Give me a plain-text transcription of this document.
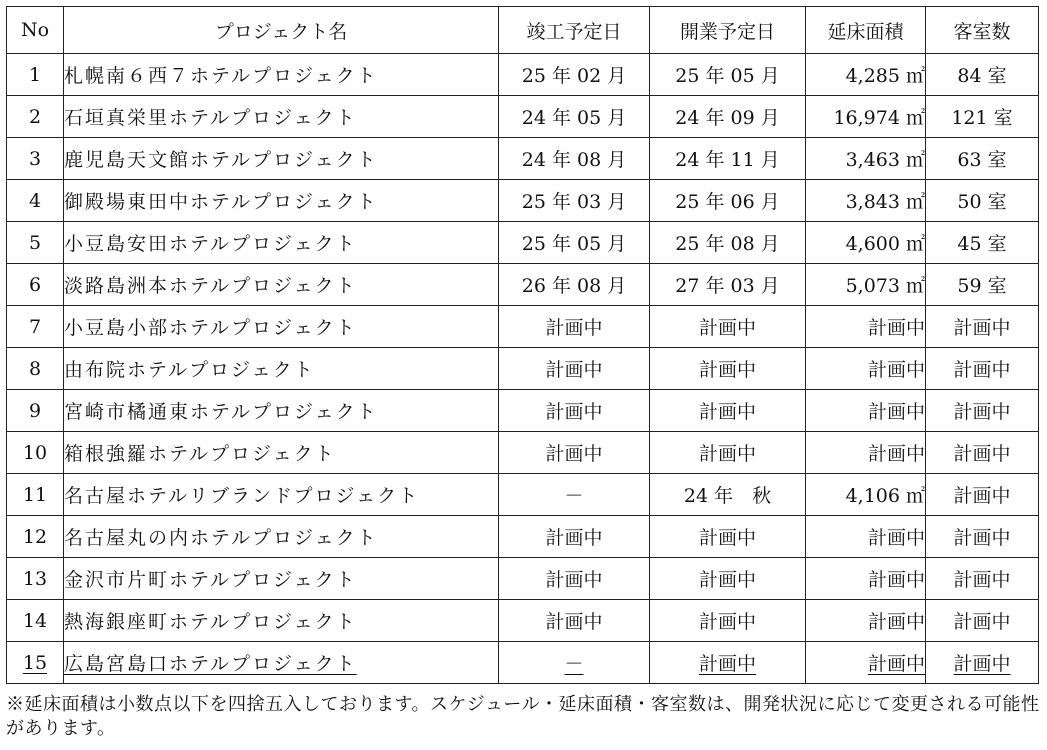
No	プロジェクト名	竣工予定日	開業予定日	延床面積	客室数
1	札幌南６西７ホテルプロジェクト	25 年 02 月	25 年 05 月	4,285 ㎡	84 室
2	石垣真栄里ホテルプロジェクト	24 年 05 月	24 年 09 月	16,974 ㎡	121 室
3	鹿児島天文館ホテルプロジェクト	24 年 08 月	24 年 11 月	3,463 ㎡	63 室
4	御殿場東田中ホテルプロジェクト	25 年 03 月	25 年 06 月	3,843 ㎡	50 室
5	小豆島安田ホテルプロジェクト	25 年 05 月	25 年 08 月	4,600 ㎡	45 室
6	淡路島洲本ホテルプロジェクト	26 年 08 月	27 年 03 月	5,073 ㎡	59 室
7	小豆島小部ホテルプロジェクト	計画中	計画中	計画中	計画中
8	由布院ホテルプロジェクト	計画中	計画中	計画中	計画中
9	宮崎市橘通東ホテルプロジェクト	計画中	計画中	計画中	計画中
10	箱根強羅ホテルプロジェクト	計画中	計画中	計画中	計画中
11	名古屋ホテルリブランドプロジェクト	－	24 年　秋	4,106 ㎡	計画中
12	名古屋丸の内ホテルプロジェクト	計画中	計画中	計画中	計画中
13	金沢市片町ホテルプロジェクト	計画中	計画中	計画中	計画中
14	熱海銀座町ホテルプロジェクト	計画中	計画中	計画中	計画中
15	広島宮島口ホテルプロジェクト	－	計画中	計画中	計画中
※延床面積は小数点以下を四捨五入しております。スケジュール・延床面積・客室数は、開発状況に応じて変更される可能性があります。
